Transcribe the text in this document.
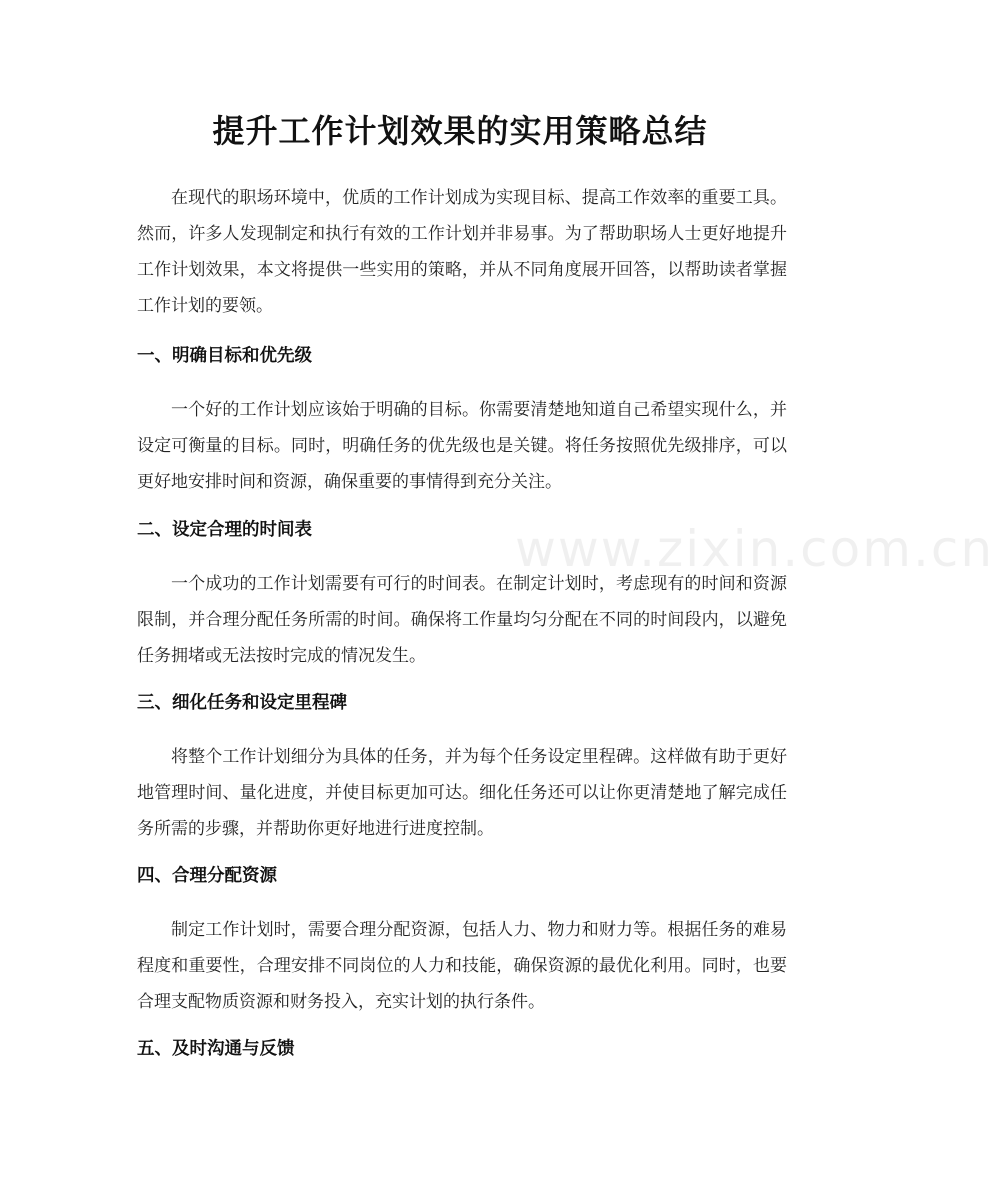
提升工作计划效果的实用策略总结

在现代的职场环境中，优质的工作计划成为实现目标、提高工作效率的重要工具。然而，许多人发现制定和执行有效的工作计划并非易事。为了帮助职场人士更好地提升工作计划效果，本文将提供一些实用的策略，并从不同角度展开回答，以帮助读者掌握工作计划的要领。

一、明确目标和优先级

一个好的工作计划应该始于明确的目标。你需要清楚地知道自己希望实现什么，并设定可衡量的目标。同时，明确任务的优先级也是关键。将任务按照优先级排序，可以更好地安排时间和资源，确保重要的事情得到充分关注。

二、设定合理的时间表

一个成功的工作计划需要有可行的时间表。在制定计划时，考虑现有的时间和资源限制，并合理分配任务所需的时间。确保将工作量均匀分配在不同的时间段内，以避免任务拥堵或无法按时完成的情况发生。

三、细化任务和设定里程碑

将整个工作计划细分为具体的任务，并为每个任务设定里程碑。这样做有助于更好地管理时间、量化进度，并使目标更加可达。细化任务还可以让你更清楚地了解完成任务所需的步骤，并帮助你更好地进行进度控制。

四、合理分配资源

制定工作计划时，需要合理分配资源，包括人力、物力和财力等。根据任务的难易程度和重要性，合理安排不同岗位的人力和技能，确保资源的最优化利用。同时，也要合理支配物质资源和财务投入，充实计划的执行条件。

五、及时沟通与反馈
www.zixin.com.cn
